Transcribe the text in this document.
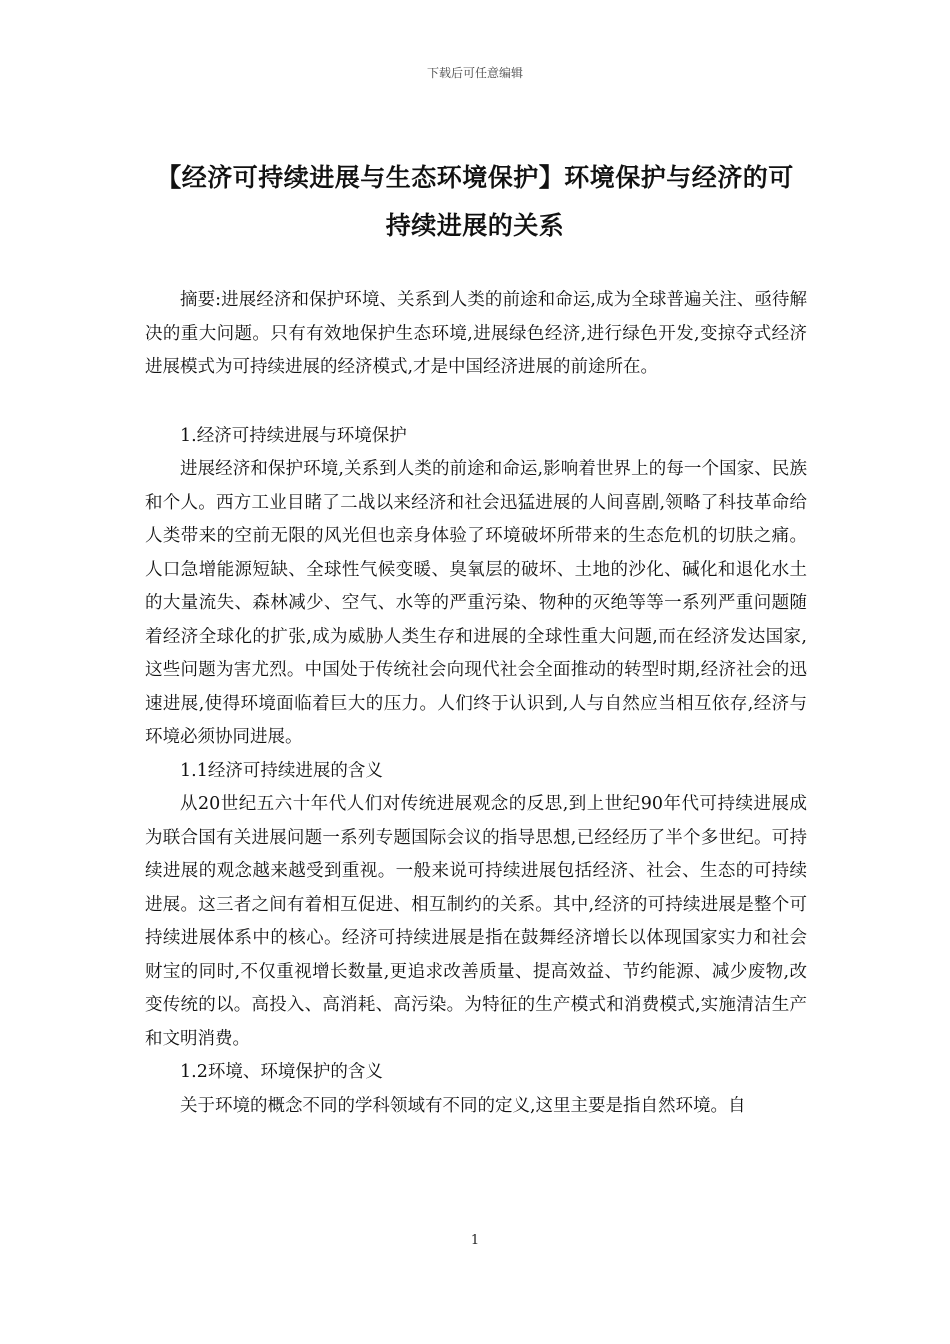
下载后可任意编辑
【经济可持续进展与生态环境保护】环境保护与经济的可
持续进展的关系

摘要:进展经济和保护环境、关系到人类的前途和命运,成为全球普遍关注、亟待解决的重大问题。只有有效地保护生态环境,进展绿色经济,进行绿色开发,变掠夺式经济进展模式为可持续进展的经济模式,才是中国经济进展的前途所在。

1.经济可持续进展与环境保护

进展经济和保护环境,关系到人类的前途和命运,影响着世界上的每一个国家、民族和个人。西方工业目睹了二战以来经济和社会迅猛进展的人间喜剧,领略了科技革命给人类带来的空前无限的风光但也亲身体验了环境破坏所带来的生态危机的切肤之痛。人口急增能源短缺、全球性气候变暖、臭氧层的破坏、土地的沙化、碱化和退化水土的大量流失、森林减少、空气、水等的严重污染、物种的灭绝等等一系列严重问题随着经济全球化的扩张,成为威胁人类生存和进展的全球性重大问题,而在经济发达国家,这些问题为害尤烈。中国处于传统社会向现代社会全面推动的转型时期,经济社会的迅速进展,使得环境面临着巨大的压力。人们终于认识到,人与自然应当相互依存,经济与环境必须协同进展。

1.1经济可持续进展的含义

从20世纪五六十年代人们对传统进展观念的反思,到上世纪90年代可持续进展成为联合国有关进展问题一系列专题国际会议的指导思想,已经经历了半个多世纪。可持续进展的观念越来越受到重视。一般来说可持续进展包括经济、社会、生态的可持续进展。这三者之间有着相互促进、相互制约的关系。其中,经济的可持续进展是整个可持续进展体系中的核心。经济可持续进展是指在鼓舞经济增长以体现国家实力和社会财宝的同时,不仅重视增长数量,更追求改善质量、提高效益、节约能源、减少废物,改变传统的以。高投入、高消耗、高污染。为特征的生产模式和消费模式,实施清洁生产和文明消费。

1.2环境、环境保护的含义

关于环境的概念不同的学科领域有不同的定义,这里主要是指自然环境。自

1
